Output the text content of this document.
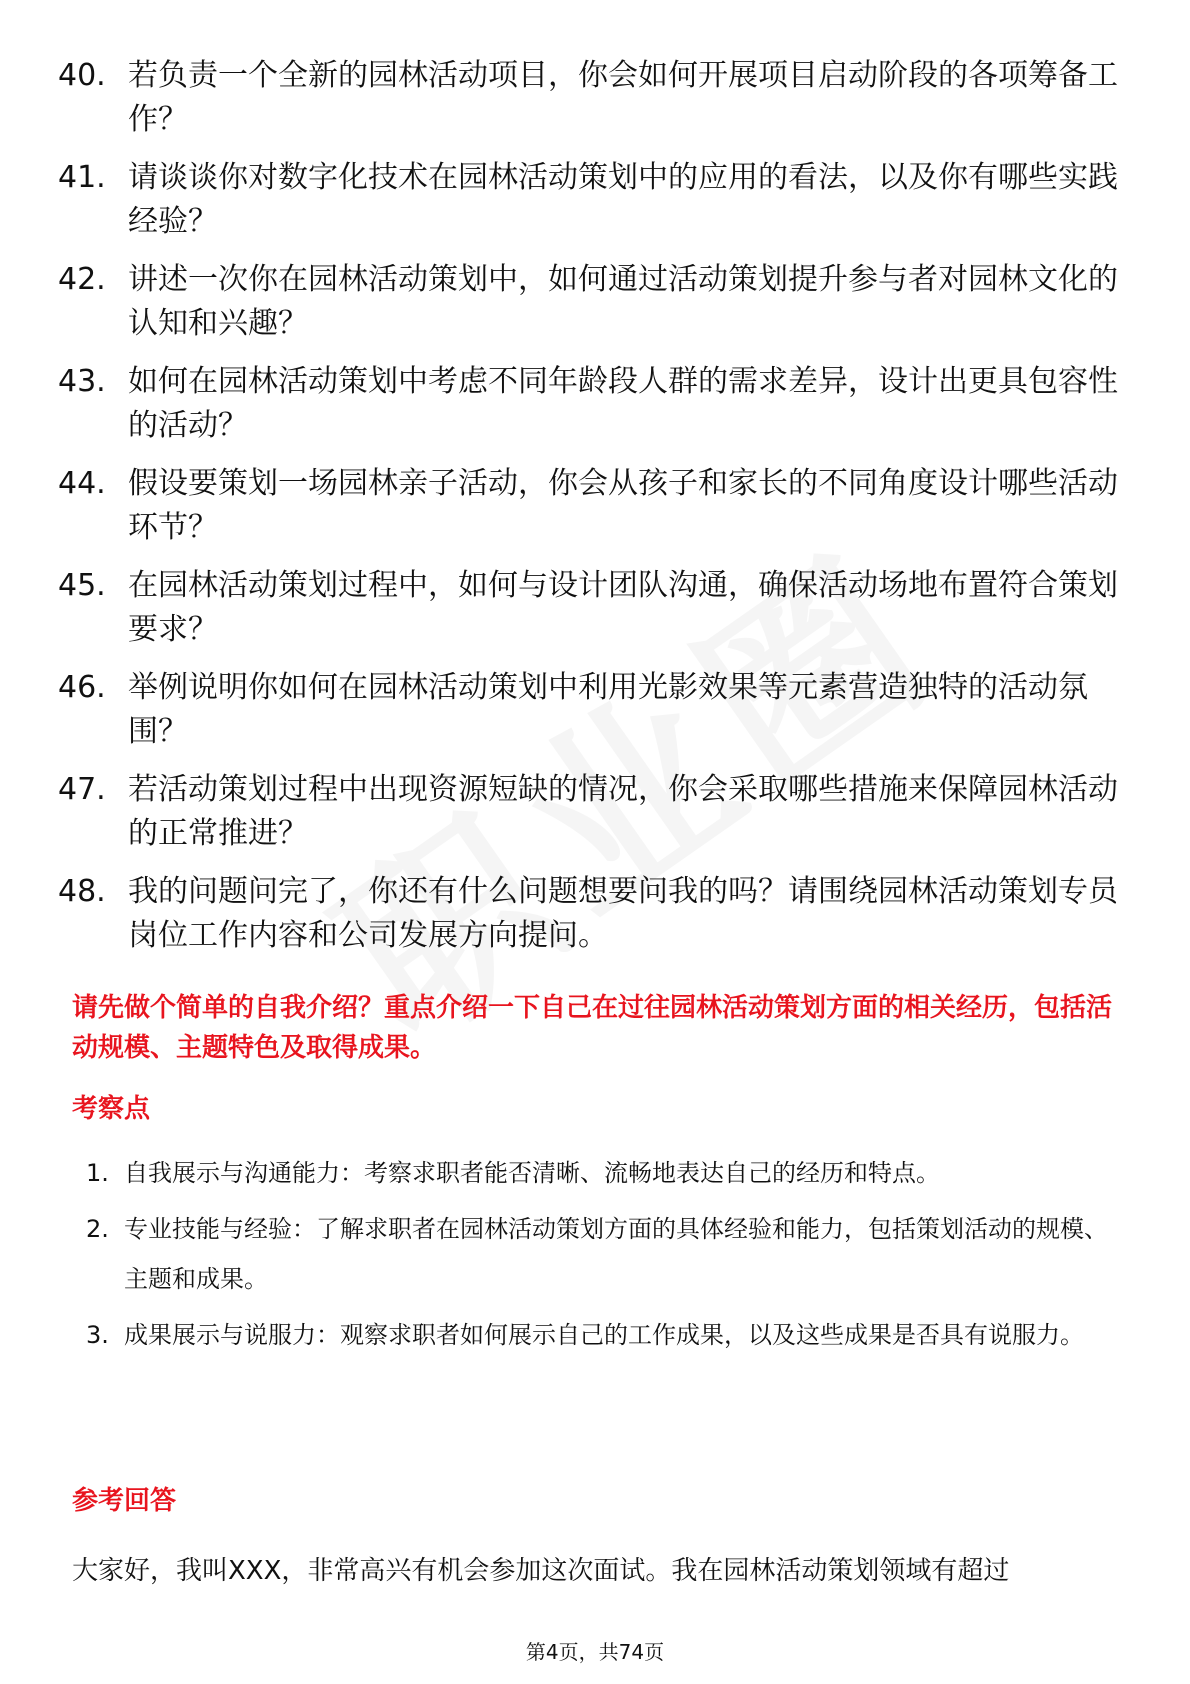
40. 若负责一个全新的园林活动项目，你会如何开展项目启动阶段的各项筹备工作？
41. 请谈谈你对数字化技术在园林活动策划中的应用的看法，以及你有哪些实践经验？
42. 讲述一次你在园林活动策划中，如何通过活动策划提升参与者对园林文化的认知和兴趣？
43. 如何在园林活动策划中考虑不同年龄段人群的需求差异，设计出更具包容性的活动？
44. 假设要策划一场园林亲子活动，你会从孩子和家长的不同角度设计哪些活动环节？
45. 在园林活动策划过程中，如何与设计团队沟通，确保活动场地布置符合策划要求？
46. 举例说明你如何在园林活动策划中利用光影效果等元素营造独特的活动氛围？
47. 若活动策划过程中出现资源短缺的情况，你会采取哪些措施来保障园林活动的正常推进？
48. 我的问题问完了，你还有什么问题想要问我的吗？请围绕园林活动策划专员岗位工作内容和公司发展方向提问。

请先做个简单的自我介绍？重点介绍一下自己在过往园林活动策划方面的相关经历，包括活动规模、主题特色及取得成果。

考察点
1. 自我展示与沟通能力：考察求职者能否清晰、流畅地表达自己的经历和特点。
2. 专业技能与经验：了解求职者在园林活动策划方面的具体经验和能力，包括策划活动的规模、主题和成果。
3. 成果展示与说服力：观察求职者如何展示自己的工作成果，以及这些成果是否具有说服力。
参考回答

大家好，我叫XXX，非常高兴有机会参加这次面试。我在园林活动策划领域有超过

第4页，共74页
